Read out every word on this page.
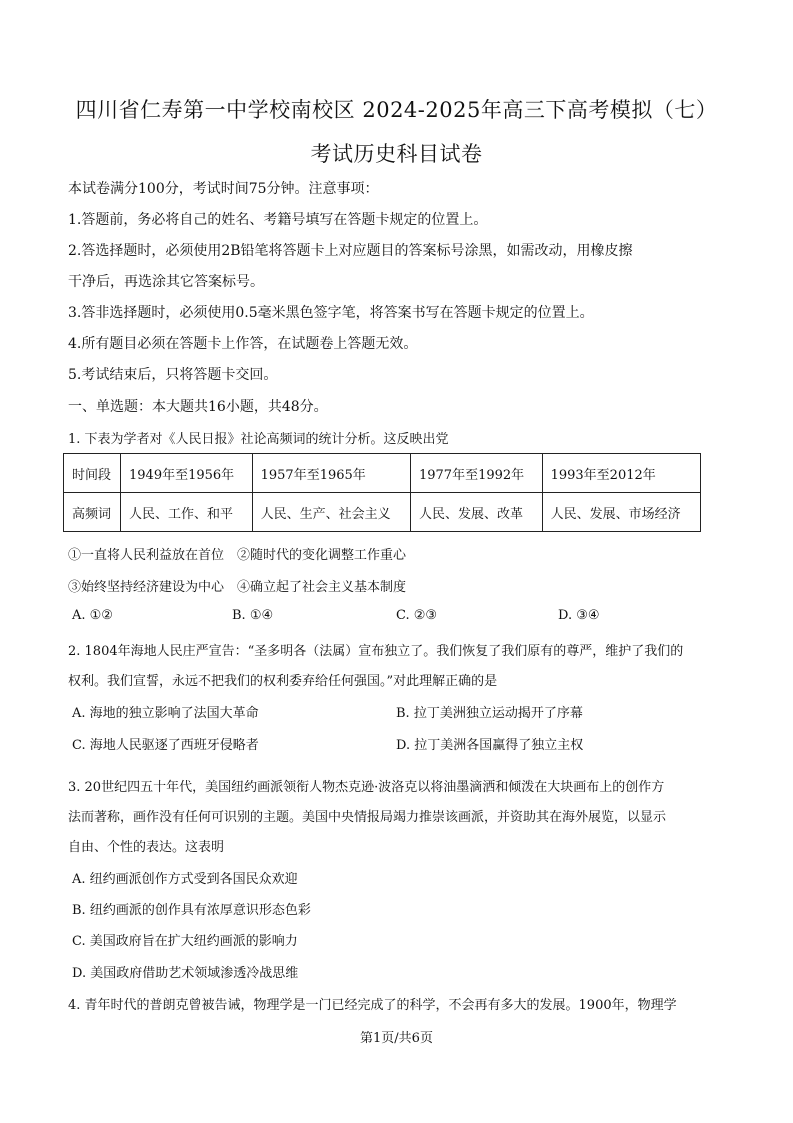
四川省仁寿第一中学校南校区 2024-2025年高三下高考模拟（七）
考试历史科目试卷
本试卷满分100分，考试时间75分钟。注意事项：
1.答题前，务必将自己的姓名、考籍号填写在答题卡规定的位置上。
2.答选择题时，必须使用2B铅笔将答题卡上对应题目的答案标号涂黑，如需改动，用橡皮擦
干净后，再选涂其它答案标号。
3.答非选择题时，必须使用0.5毫米黑色签字笔，将答案书写在答题卡规定的位置上。
4.所有题目必须在答题卡上作答，在试题卷上答题无效。
5.考试结束后，只将答题卡交回。
一、单选题：本大题共16小题，共48分。
1. 下表为学者对《人民日报》社论高频词的统计分析。这反映出党
时间段	1949年至1956年	1957年至1965年	1977年至1992年	1993年至2012年
高频词	人民、工作、和平	人民、生产、社会主义	人民、发展、改革	人民、发展、市场经济
①一直将人民利益放在首位　②随时代的变化调整工作重心
③始终坚持经济建设为中心　④确立起了社会主义基本制度
A. ①②	B. ①④	C. ②③	D. ③④
2. 1804年海地人民庄严宣告：“圣多明各（法属）宣布独立了。我们恢复了我们原有的尊严，维护了我们的
权利。我们宣誓，永远不把我们的权利委弃给任何强国。”对此理解正确的是
A. 海地的独立影响了法国大革命	B. 拉丁美洲独立运动揭开了序幕
C. 海地人民驱逐了西班牙侵略者	D. 拉丁美洲各国赢得了独立主权
3. 20世纪四五十年代，美国纽约画派领衔人物杰克逊·波洛克以将油墨滴洒和倾泼在大块画布上的创作方
法而著称，画作没有任何可识别的主题。美国中央情报局竭力推崇该画派，并资助其在海外展览，以显示
自由、个性的表达。这表明
A. 纽约画派创作方式受到各国民众欢迎
B. 纽约画派的创作具有浓厚意识形态色彩
C. 美国政府旨在扩大纽约画派的影响力
D. 美国政府借助艺术领域渗透冷战思维
4. 青年时代的普朗克曾被告诫，物理学是一门已经完成了的科学，不会再有多大的发展。1900年，物理学
第1页/共6页
